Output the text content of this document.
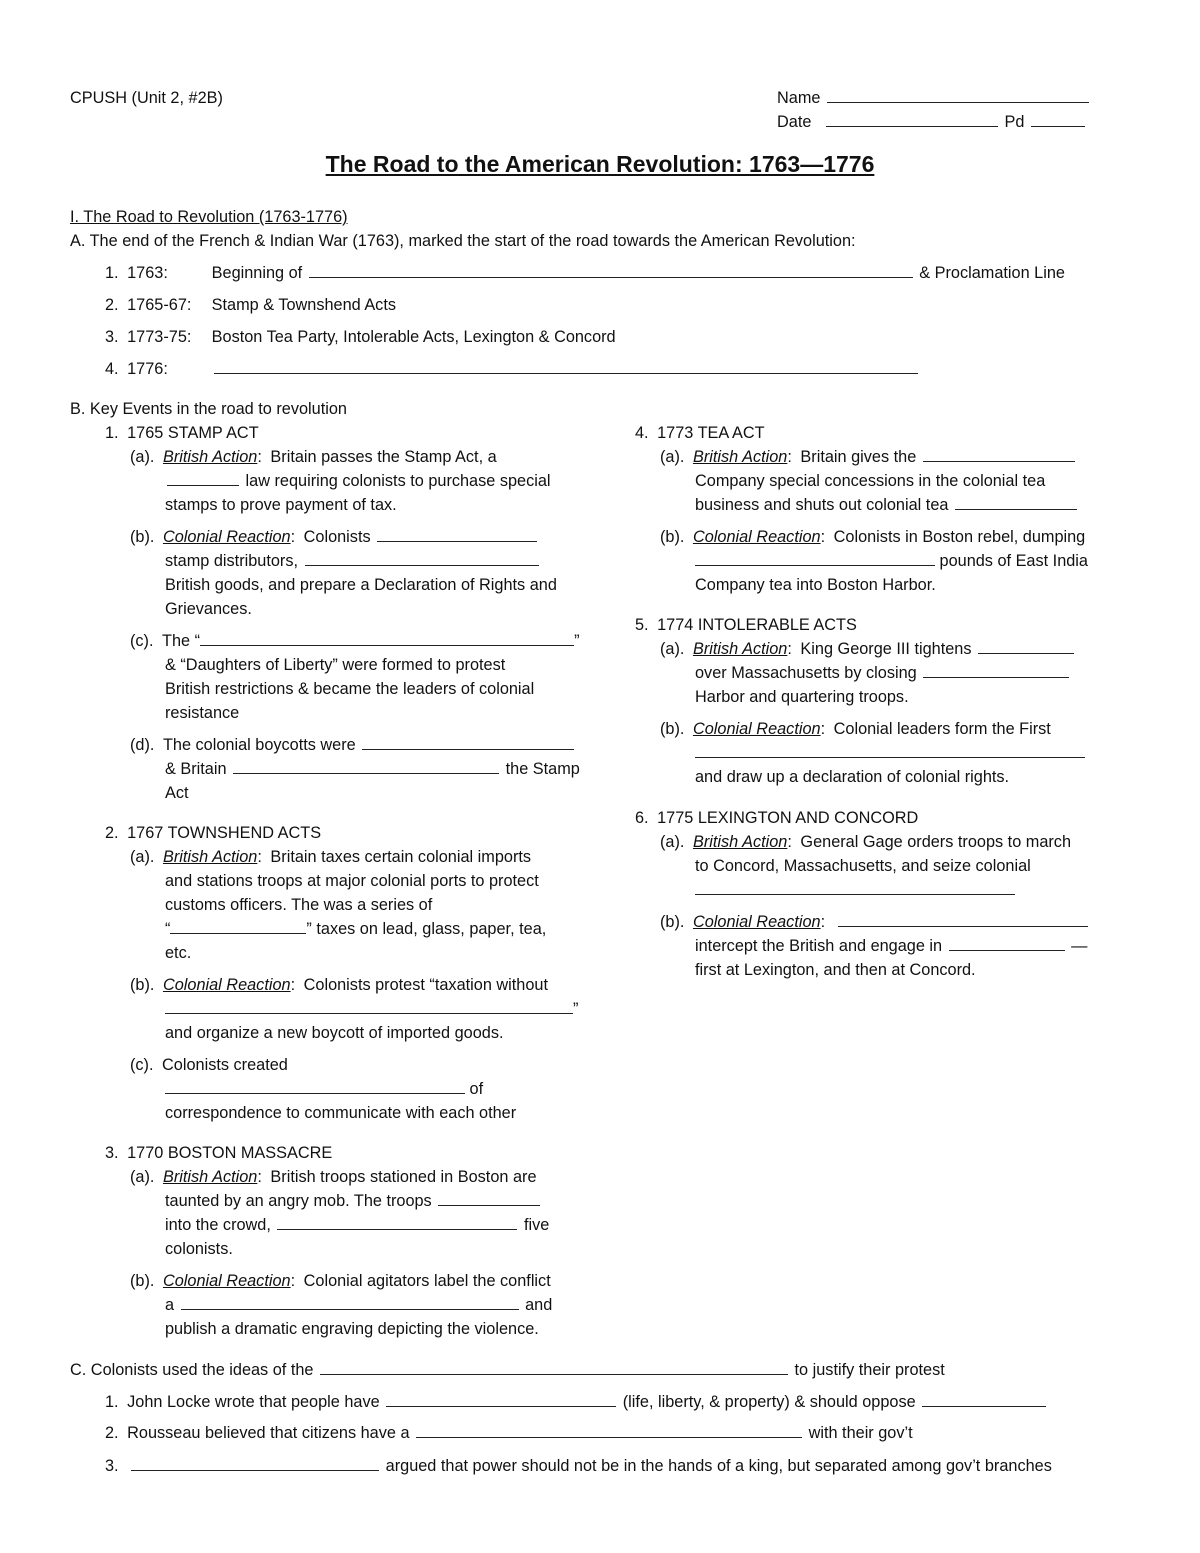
CPUSH (Unit 2, #2B)	Name
Date	Pd
The Road to the American Revolution: 1763—1776
I. The Road to Revolution (1763-1776)
A. The end of the French & Indian War (1763), marked the start of the road towards the American Revolution:
1. 1763:	Beginning of	& Proclamation Line
2. 1765-67: Stamp & Townshend Acts
3. 1773-75: Boston Tea Party, Intolerable Acts, Lexington & Concord
4. 1776:
B. Key Events in the road to revolution
1. 1765 STAMP ACT
(a). British Action: Britain passes the Stamp Act, a
law requiring colonists to purchase special
stamps to prove payment of tax.
(b). Colonial Reaction: Colonists
stamp distributors,
British goods, and prepare a Declaration of Rights and
Grievances.
(c). The “	”
& “Daughters of Liberty” were formed to protest
British restrictions & became the leaders of colonial
resistance
(d). The colonial boycotts were
& Britain	the Stamp
Act
2. 1767 TOWNSHEND ACTS
(a). British Action: Britain taxes certain colonial imports
and stations troops at major colonial ports to protect
customs officers. The was a series of
“	” taxes on lead, glass, paper, tea,
etc.
(b). Colonial Reaction: Colonists protest “taxation without
”
and organize a new boycott of imported goods.
(c). Colonists created
of
correspondence to communicate with each other
3. 1770 BOSTON MASSACRE
(a). British Action: British troops stationed in Boston are
taunted by an angry mob. The troops
into the crowd,	five
colonists.
(b). Colonial Reaction: Colonial agitators label the conflict
a	and
publish a dramatic engraving depicting the violence.
4. 1773 TEA ACT
(a). British Action: Britain gives the
Company special concessions in the colonial tea
business and shuts out colonial tea
(b). Colonial Reaction: Colonists in Boston rebel, dumping
pounds of East India
Company tea into Boston Harbor.
5. 1774 INTOLERABLE ACTS
(a). British Action: King George III tightens
over Massachusetts by closing
Harbor and quartering troops.
(b). Colonial Reaction: Colonial leaders form the First
and draw up a declaration of colonial rights.
6. 1775 LEXINGTON AND CONCORD
(a). British Action: General Gage orders troops to march
to Concord, Massachusetts, and seize colonial
(b). Colonial Reaction:
intercept the British and engage in	—
first at Lexington, and then at Concord.
C. Colonists used the ideas of the	to justify their protest
1. John Locke wrote that people have	(life, liberty, & property) & should oppose
2. Rousseau believed that citizens have a	with their gov’t
3.	argued that power should not be in the hands of a king, but separated among gov’t branches
